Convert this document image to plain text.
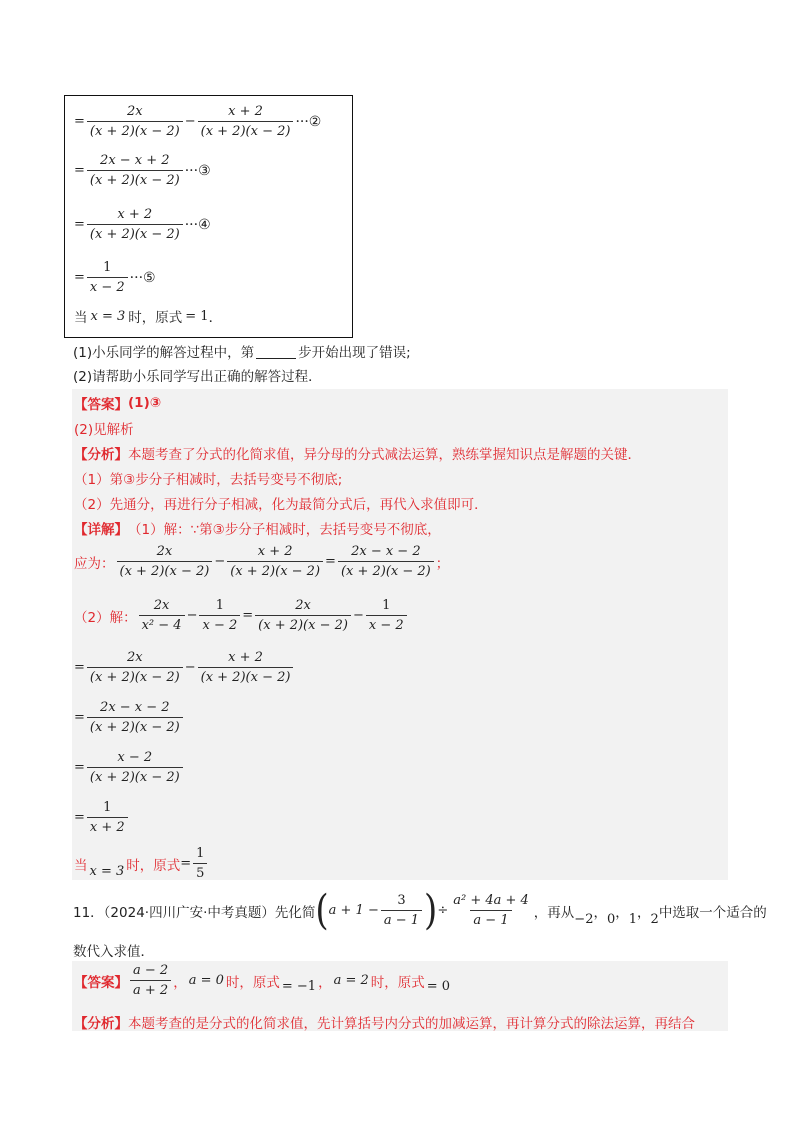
= $\frac{2x}{(x + 2)(x - 2)} - \frac{x + 2}{(x + 2)(x - 2)}$ ···②
= $\frac{2x - x + 2}{(x + 2)(x - 2)}$ ···③
= $\frac{x + 2}{(x + 2)(x - 2)}$ ···④
= $\frac{1}{x - 2}$ ···⑤
当 x = 3 时，原式 = 1 ．
(1)小乐同学的解答过程中，第	步开始出现了错误;
(2)请帮助小乐同学写出正确的解答过程．
【答案】 (1)③
(2)见解析
【分析】 本题考查了分式的化简求值，异分母的分式减法运算，熟练掌握知识点是解题的关键．
（1）第③步分子相减时，去括号变号不彻底;
（2）先通分，再进行分子相减，化为最简分式后，再代入求值即可．
【详解】 （1）解：∵第③步分子相减时，去括号变号不彻底，
应为： $\frac{2x}{(x + 2)(x - 2)} - \frac{x + 2}{(x + 2)(x - 2)} = \frac{2x - x - 2}{(x + 2)(x - 2)}$ ；
（2）解： $\frac{2x}{\text{x² − 4}} - \frac{1}{x - 2} = \frac{2x}{(x + 2)(x - 2)} - \frac{1}{x - 2}$
= $\frac{2x}{(x + 2)(x - 2)} - \frac{x + 2}{(x + 2)(x - 2)}$
= $\frac{2x - x - 2}{(x + 2)(x - 2)}$
= $\frac{x - 2}{(x + 2)(x - 2)}$
= $\frac{1}{x + 2}$
当 x = 3 时，原式 = $\frac{1}{5}$
11．（2024·四川广安·中考真题）先化简 ( $a + 1 - \frac{3}{a - 1}$ ) ÷ $\frac{\text{a² + 4a + 4}}{a - 1}$ ，再从 −2 ， 0 ， 1 ， 2 中选取一个适合的
数代入求值．
【答案】 $\frac{a - 2}{a + 2}$ ， a = 0 时，原式 = −1 ， a = 2 时，原式 = 0
【分析】 本题考查的是分式的化简求值，先计算括号内分式的加减运算，再计算分式的除法运算，再结合
